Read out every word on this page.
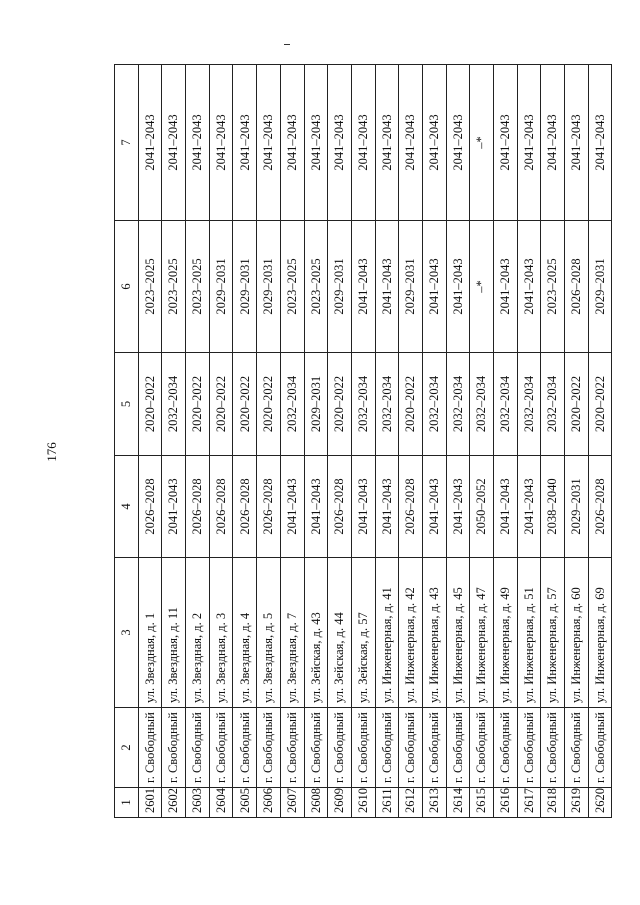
176
1	2	3	4	5	6	7
2601	г. Свободный	ул. Звездная, д. 1	2026–2028	2020–2022	2023–2025	2041–2043
2602	г. Свободный	ул. Звездная, д. 11	2041–2043	2032–2034	2023–2025	2041–2043
2603	г. Свободный	ул. Звездная, д. 2	2026–2028	2020–2022	2023–2025	2041–2043
2604	г. Свободный	ул. Звездная, д. 3	2026–2028	2020–2022	2029–2031	2041–2043
2605	г. Свободный	ул. Звездная, д. 4	2026–2028	2020–2022	2029–2031	2041–2043
2606	г. Свободный	ул. Звездная, д. 5	2026–2028	2020–2022	2029–2031	2041–2043
2607	г. Свободный	ул. Звездная, д. 7	2041–2043	2032–2034	2023–2025	2041–2043
2608	г. Свободный	ул. Зейская, д. 43	2041–2043	2029–2031	2023–2025	2041–2043
2609	г. Свободный	ул. Зейская, д. 44	2026–2028	2020–2022	2029–2031	2041–2043
2610	г. Свободный	ул. Зейская, д. 57	2041–2043	2032–2034	2041–2043	2041–2043
2611	г. Свободный	ул. Инженерная, д. 41	2041–2043	2032–2034	2041–2043	2041–2043
2612	г. Свободный	ул. Инженерная, д. 42	2026–2028	2020–2022	2029–2031	2041–2043
2613	г. Свободный	ул. Инженерная, д. 43	2041–2043	2032–2034	2041–2043	2041–2043
2614	г. Свободный	ул. Инженерная, д. 45	2041–2043	2032–2034	2041–2043	2041–2043
2615	г. Свободный	ул. Инженерная, д. 47	2050–2052	2032–2034	–*	–*
2616	г. Свободный	ул. Инженерная, д. 49	2041–2043	2032–2034	2041–2043	2041–2043
2617	г. Свободный	ул. Инженерная, д. 51	2041–2043	2032–2034	2041–2043	2041–2043
2618	г. Свободный	ул. Инженерная, д. 57	2038–2040	2032–2034	2023–2025	2041–2043
2619	г. Свободный	ул. Инженерная, д. 60	2029–2031	2020–2022	2026–2028	2041–2043
2620	г. Свободный	ул. Инженерная, д. 69	2026–2028	2020–2022	2029–2031	2041–2043
